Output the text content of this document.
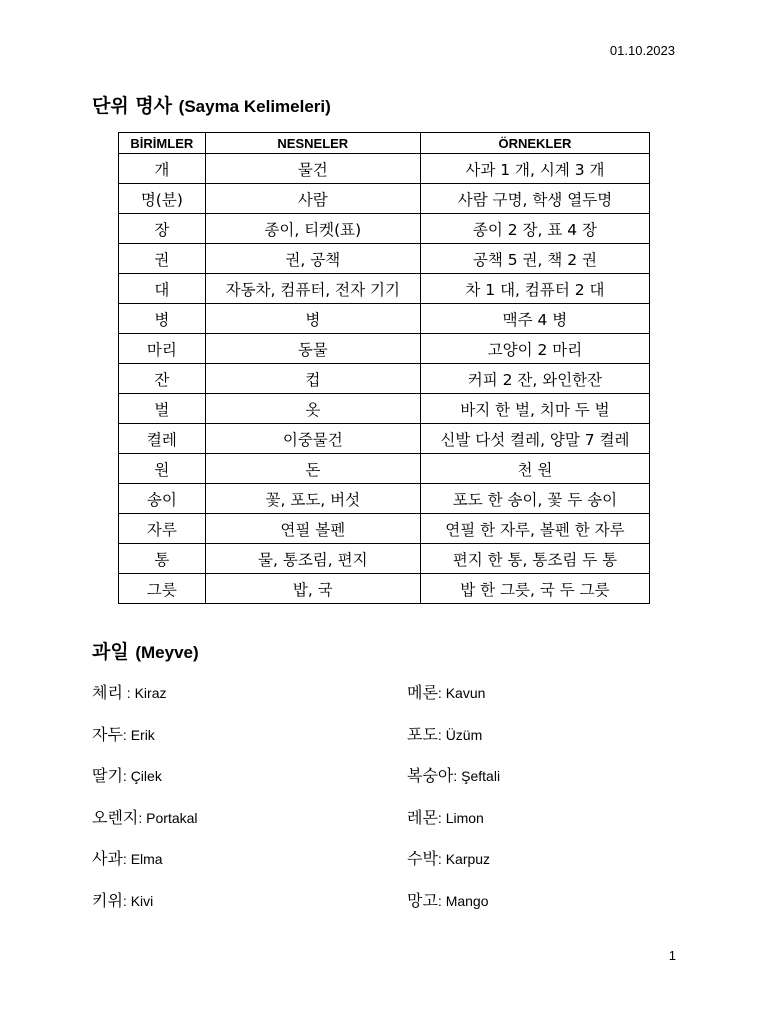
01.10.2023
단위 명사 (Sayma Kelimeleri)
BİRİMLER	NESNELER	ÖRNEKLER
개	물건	사과 1 개, 시계 3 개
명(분)	사람	사람 구명, 학생 열두명
장	종이, 티켓(표)	종이 2 장, 표 4 장
권	권, 공책	공책 5 권, 책 2 권
대	자동차, 컴퓨터, 전자 기기	차 1 대, 컴퓨터 2 대
병	병	맥주 4 병
마리	동물	고양이 2 마리
잔	컵	커피 2 잔, 와인한잔
벌	옷	바지 한 벌, 치마 두 벌
켤레	이중물건	신발 다섯 켤레, 양말 7 켤레
원	돈	천 원
송이	꽃, 포도, 버섯	포도 한 송이, 꽃 두 송이
자루	연필 볼펜	연필 한 자루, 볼펜 한 자루
통	물, 통조림, 편지	편지 한 통, 통조림 두 통
그릇	밥, 국	밥 한 그릇, 국 두 그릇
과일 (Meyve)
체리 : Kiraz
자두: Erik
딸기: Çilek
오렌지: Portakal
사과: Elma
키위: Kivi
메론: Kavun
포도: Üzüm
복숭아: Şeftali
레몬: Limon
수박: Karpuz
망고: Mango
1
